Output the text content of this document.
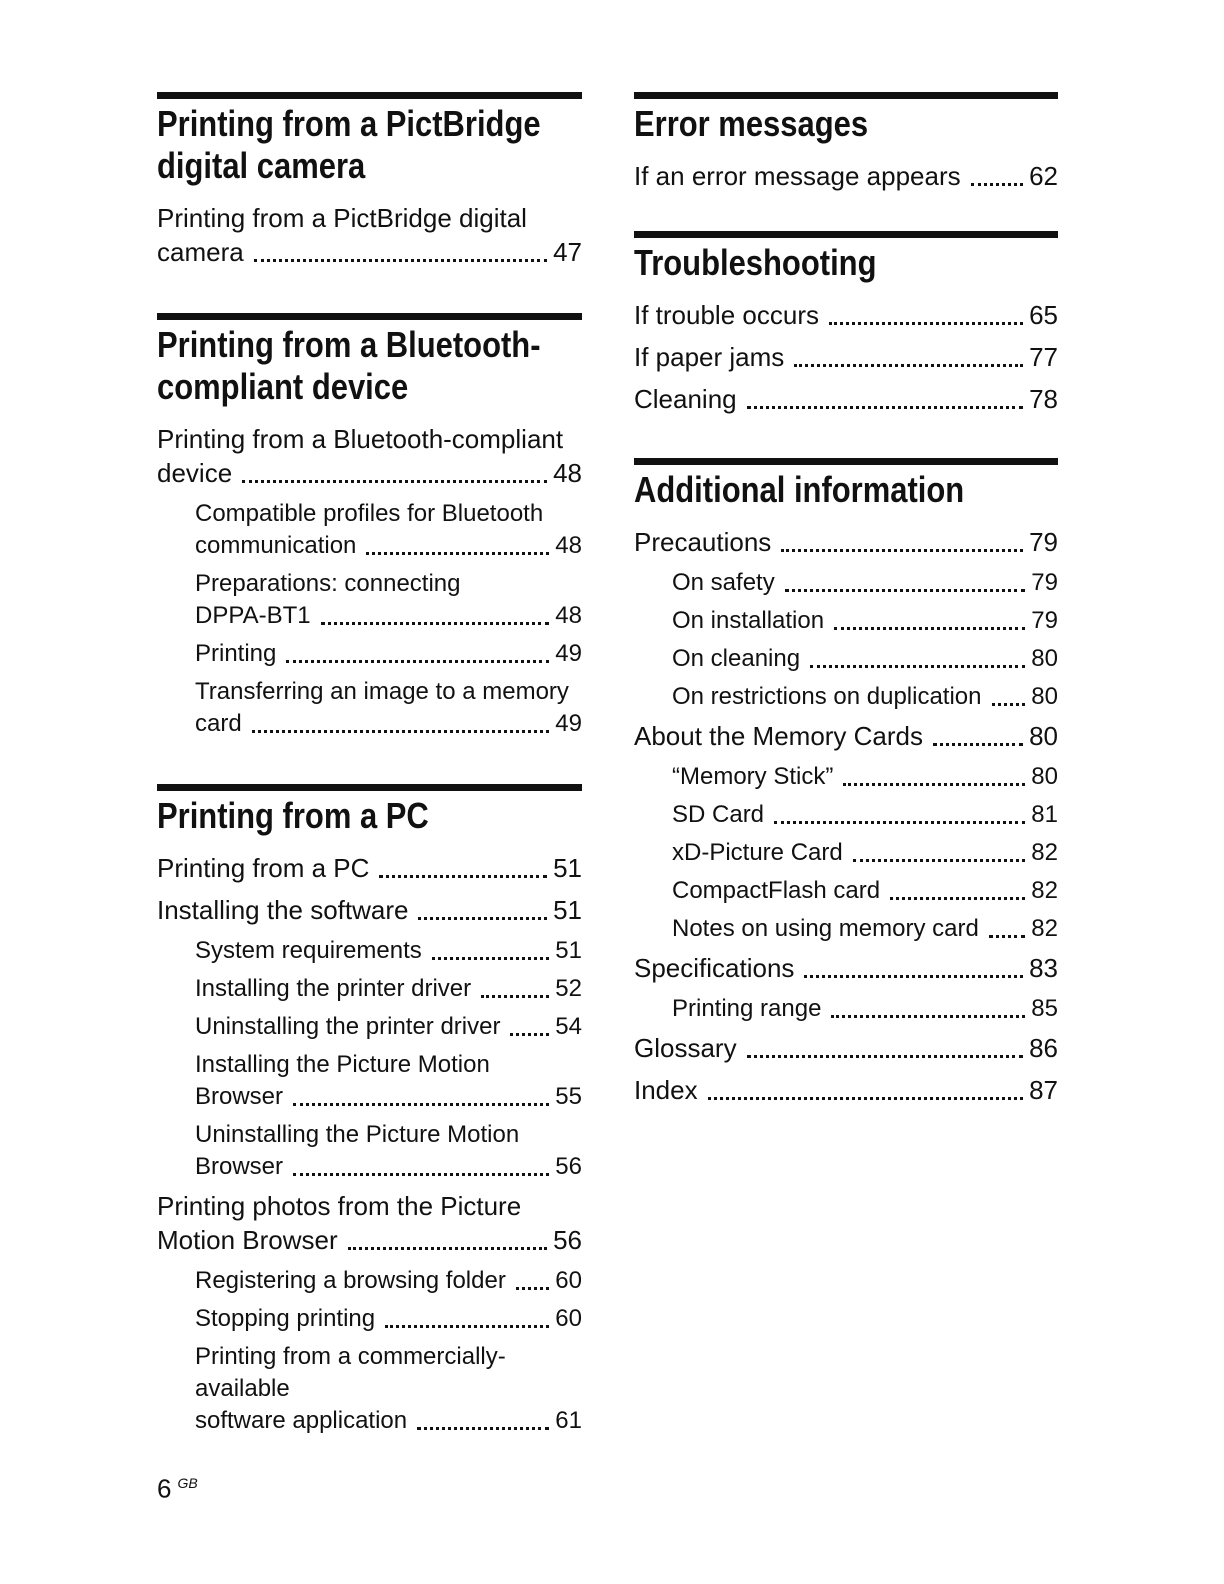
Printing from a PictBridge
digital camera
Printing from a PictBridge digital
camera	47
Printing from a Bluetooth-
compliant device
Printing from a Bluetooth-compliant
device	48
Compatible profiles for Bluetooth
communication	48
Preparations: connecting
DPPA-BT1	48
Printing	49
Transferring an image to a memory
card	49
Printing from a PC
Printing from a PC	51
Installing the software	51
System requirements	51
Installing the printer driver	52
Uninstalling the printer driver 54
Installing the Picture Motion
Browser	55
Uninstalling the Picture Motion
Browser	56
Printing photos from the Picture
Motion Browser	56
Registering a browsing folder 60
Stopping printing	60
Printing from a commercially-available
software application	61
Error messages
If an error message appears	62
Troubleshooting
If trouble occurs	65
If paper jams	77
Cleaning	78
Additional information
Precautions	79
On safety	79
On installation	79
On cleaning	80
On restrictions on duplication 80
About the Memory Cards	80
“Memory Stick”	80
SD Card	81
xD-Picture Card	82
CompactFlash card	82
Notes on using memory card 82
Specifications	83
Printing range	85
Glossary	86
Index	87
6 $^{GB}$
